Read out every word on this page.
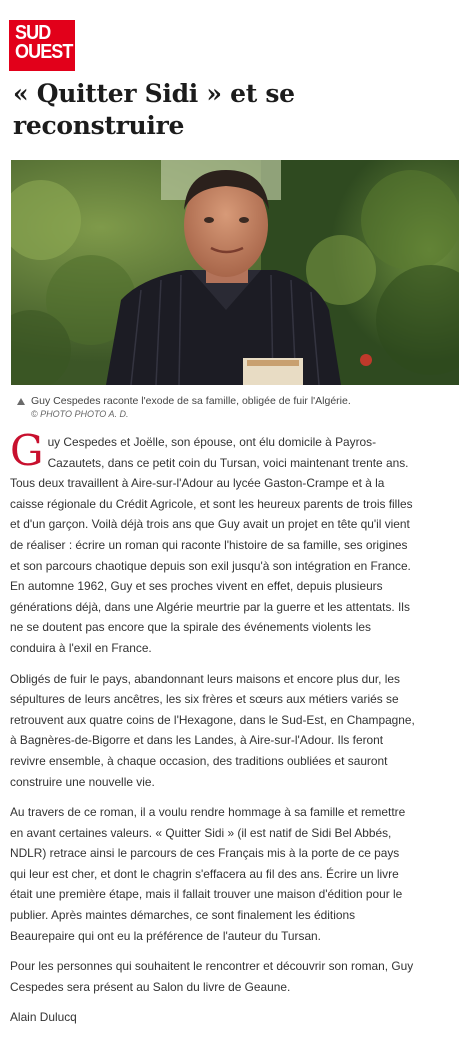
SUD
OUEST
« Quitter Sidi » et se reconstruire
Guy Cespedes raconte l'exode de sa famille, obligée de fuir l'Algérie.
© PHOTO PHOTO A. D.

Guy Cespedes et Joëlle, son épouse, ont élu domicile à Payros-Cazautets, dans ce petit coin du Tursan, voici maintenant trente ans. Tous deux travaillent à Aire-sur-l'Adour au lycée Gaston-Crampe et à la caisse régionale du Crédit Agricole, et sont les heureux parents de trois filles et d'un garçon. Voilà déjà trois ans que Guy avait un projet en tête qu'il vient de réaliser : écrire un roman qui raconte l'histoire de sa famille, ses origines et son parcours chaotique depuis son exil jusqu'à son intégration en France. En automne 1962, Guy et ses proches vivent en effet, depuis plusieurs générations déjà, dans une Algérie meurtrie par la guerre et les attentats. Ils ne se doutent pas encore que la spirale des événements violents les conduira à l'exil en France.

Obligés de fuir le pays, abandonnant leurs maisons et encore plus dur, les sépultures de leurs ancêtres, les six frères et sœurs aux métiers variés se retrouvent aux quatre coins de l'Hexagone, dans le Sud-Est, en Champagne, à Bagnères-de-Bigorre et dans les Landes, à Aire-sur-l'Adour. Ils feront revivre ensemble, à chaque occasion, des traditions oubliées et sauront construire une nouvelle vie.

Au travers de ce roman, il a voulu rendre hommage à sa famille et remettre en avant certaines valeurs. « Quitter Sidi » (il est natif de Sidi Bel Abbés, NDLR) retrace ainsi le parcours de ces Français mis à la porte de ce pays qui leur est cher, et dont le chagrin s'effacera au fil des ans. Écrire un livre était une première étape, mais il fallait trouver une maison d'édition pour le publier. Après maintes démarches, ce sont finalement les éditions Beaurepaire qui ont eu la préférence de l'auteur du Tursan.

Pour les personnes qui souhaitent le rencontrer et découvrir son roman, Guy Cespedes sera présent au Salon du livre de Geaune.

Alain Dulucq
